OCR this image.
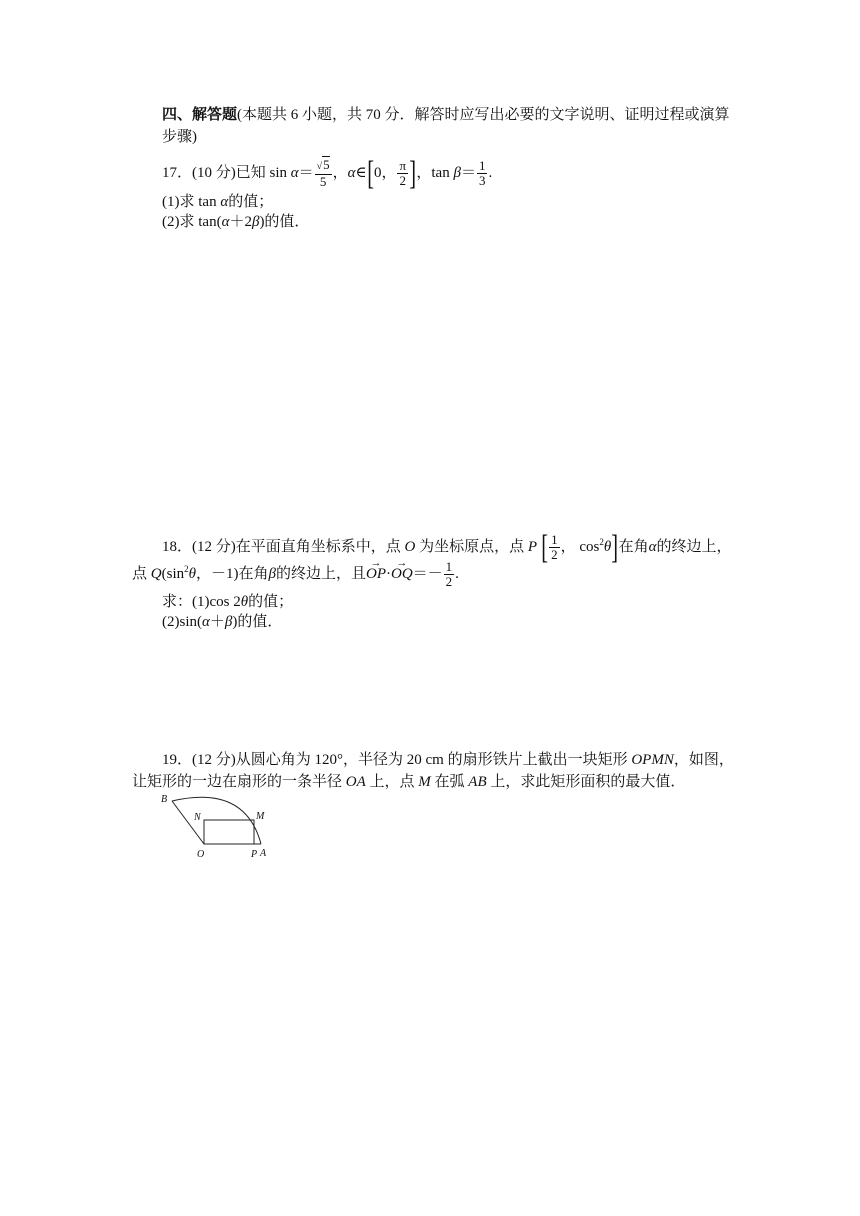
四、解答题(本题共 6 小题，共 70 分．解答时应写出必要的文字说明、证明过程或演算
步骤)
17．(10 分)已知 $\sin \alpha= \frac{√5}{5}$ ，α∈[0， $\frac{\pi}{2}$ ]，$\tan \beta= \frac{1}{3}$ .
(1)求 tan α的值；
(2)求 tan(α＋2β)的值．
18．(12 分)在平面直角坐标系中，点 O 为坐标原点，点 P [ $\frac{1}{2}$ ， $\cos^2\theta$]在角α的终边上，
点 $Q(\sin^2\theta$，－1)在角β的终边上，且→ $OP\cdot\to OQ=- \frac{1}{2}$ .
求：(1)cos 2θ的值；
(2)sin(α＋β)的值．
19．(12 分)从圆心角为 120°，半径为 20 cm 的扇形铁片上截出一块矩形 OPMN，如图，
让矩形的一边在扇形的一条半径 OA 上，点 M 在弧 AB 上，求此矩形面积的最大值．
B
N	M
O	P A
